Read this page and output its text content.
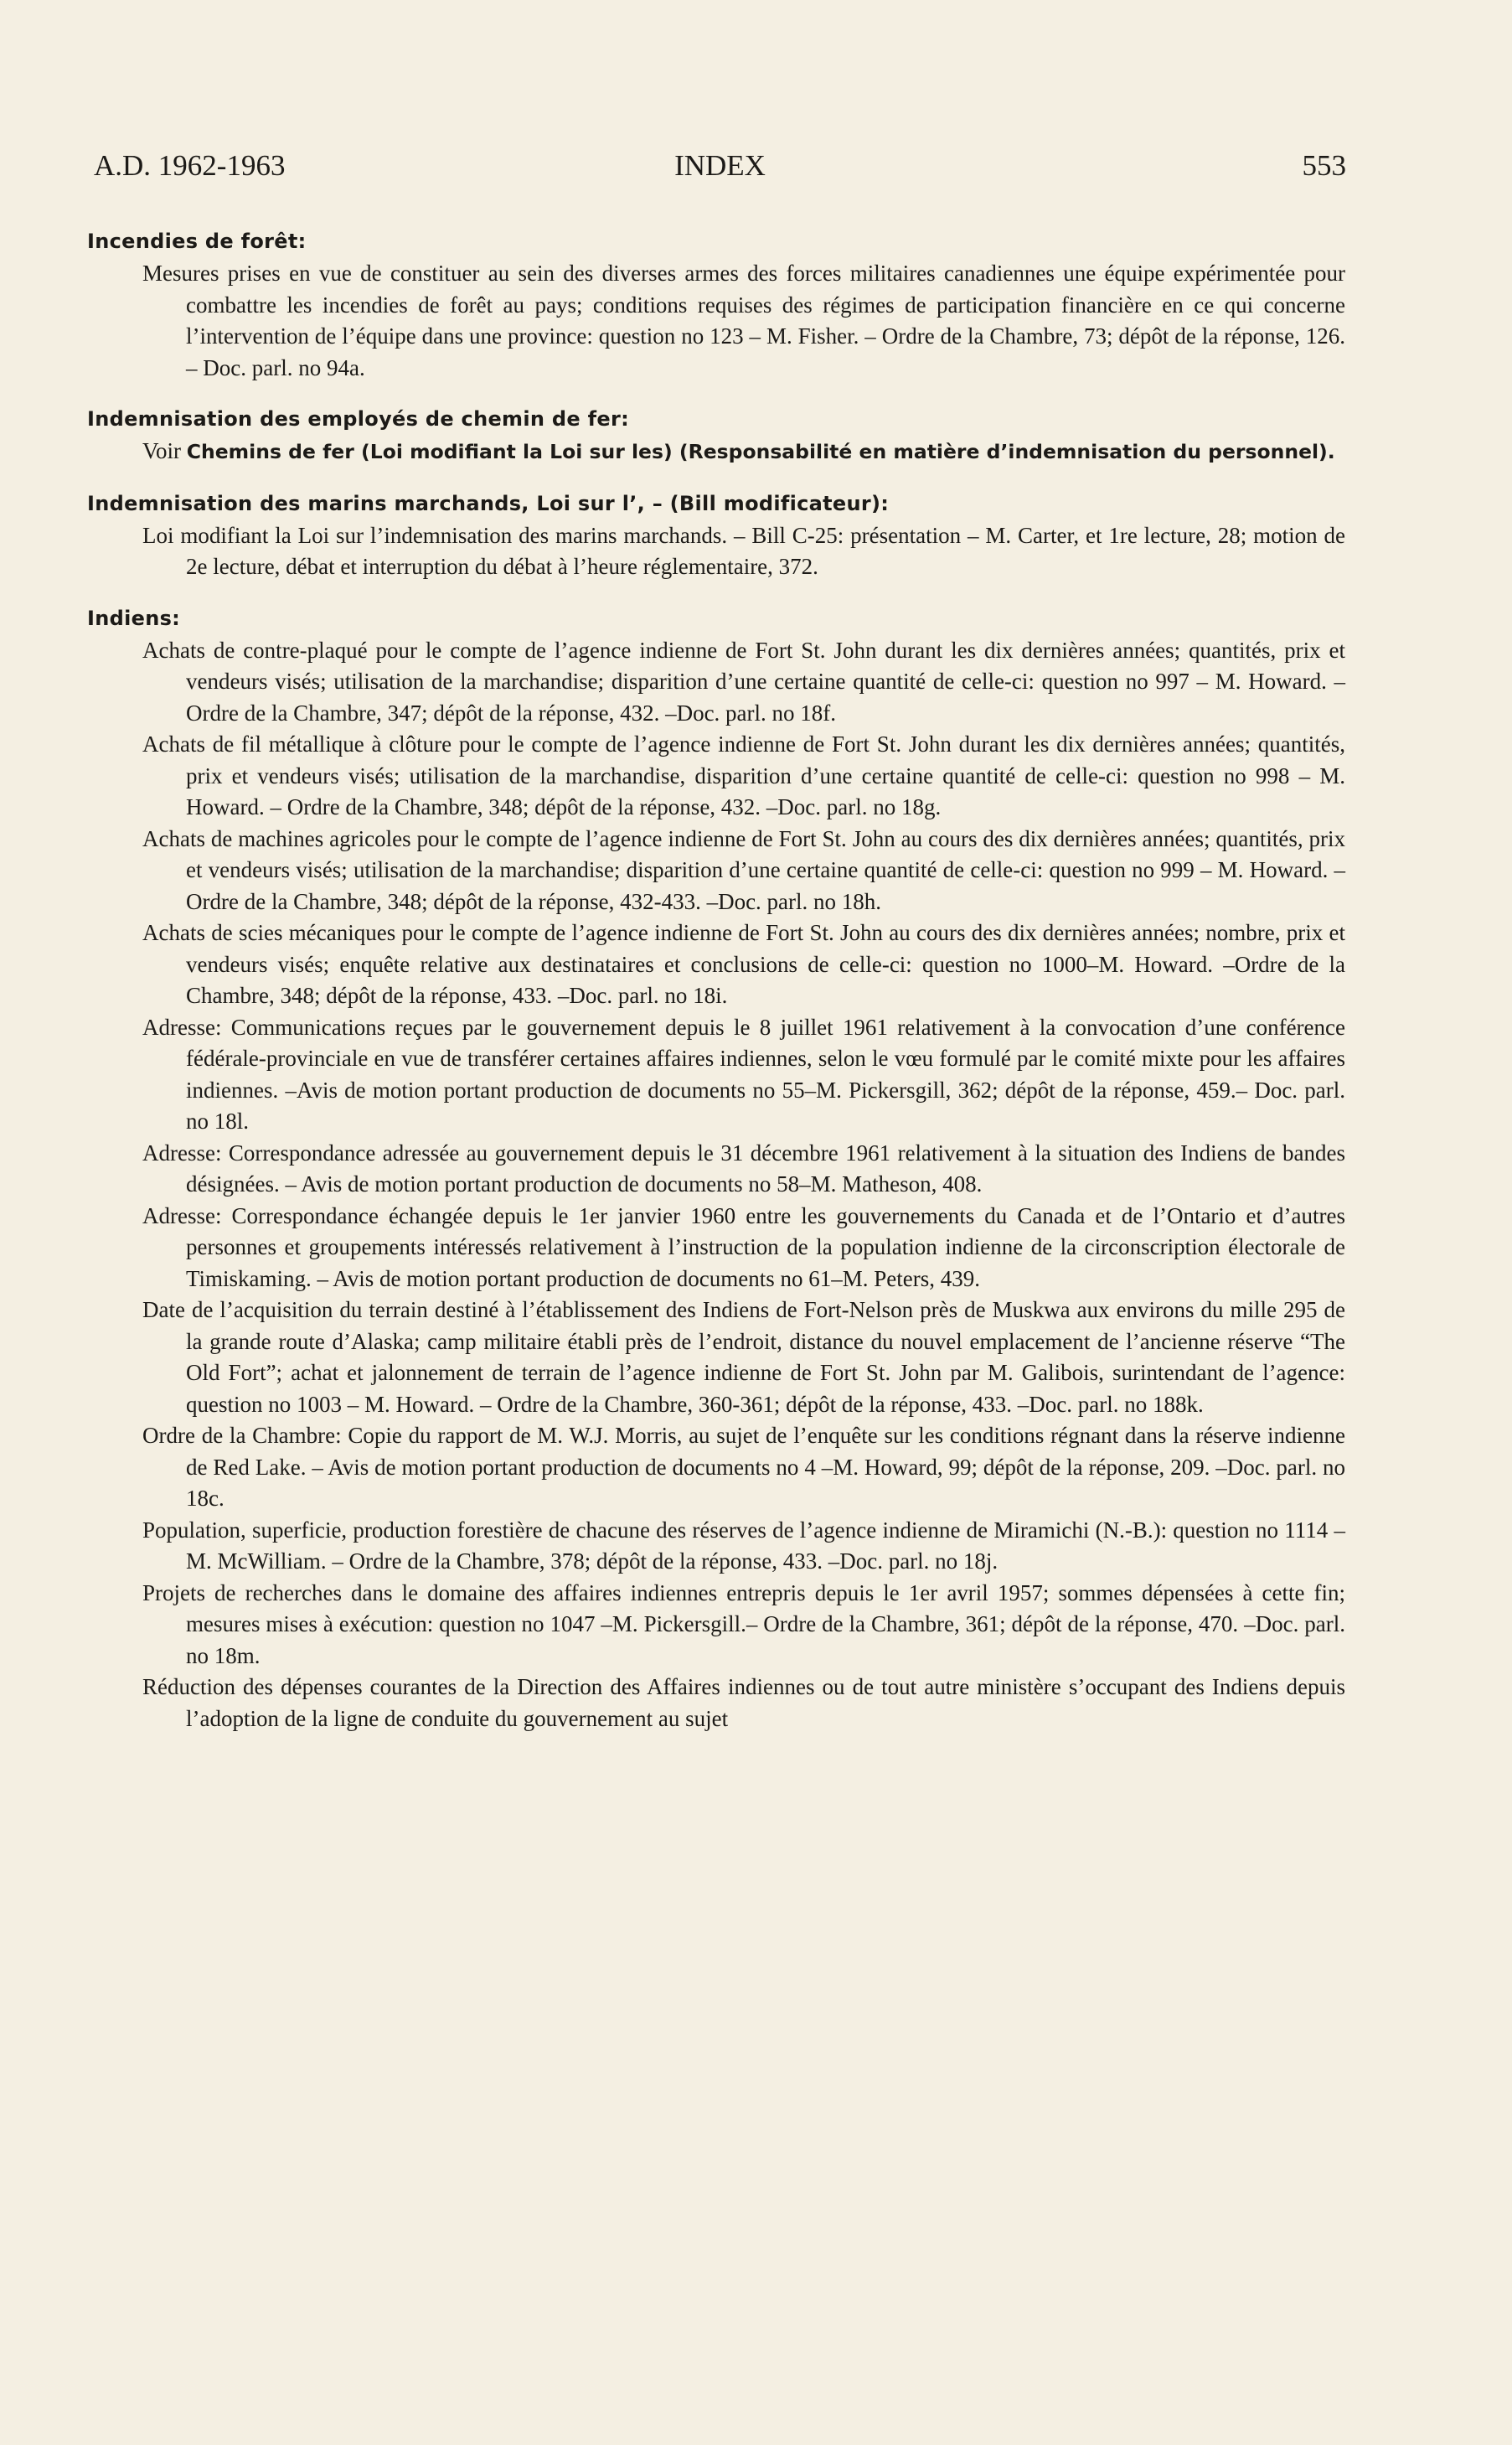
A.D. 1962-1963	INDEX	553
Incendies de forêt:
Mesures prises en vue de constituer au sein des diverses armes des forces militaires canadiennes une équipe expérimentée pour combattre les incendies de forêt au pays; conditions requises des régimes de participation financière en ce qui concerne l’intervention de l’équipe dans une province: question no 123 – M. Fisher. – Ordre de la Chambre, 73; dépôt de la réponse, 126. – Doc. parl. no 94a.
Indemnisation des employés de chemin de fer:
Voir Chemins de fer (Loi modifiant la Loi sur les) (Responsabilité en matière d’indemnisation du personnel).
Indemnisation des marins marchands, Loi sur l’, – (Bill modificateur):
Loi modifiant la Loi sur l’indemnisation des marins marchands. – Bill C-25: présentation – M. Carter, et 1re lecture, 28; motion de 2e lecture, débat et interruption du débat à l’heure réglementaire, 372.
Indiens:
Achats de contre-plaqué pour le compte de l’agence indienne de Fort St. John durant les dix dernières années; quantités, prix et vendeurs visés; utilisation de la marchandise; disparition d’une certaine quantité de celle-ci: question no 997 – M. Howard. – Ordre de la Chambre, 347; dépôt de la réponse, 432. –Doc. parl. no 18f.
Achats de fil métallique à clôture pour le compte de l’agence indienne de Fort St. John durant les dix dernières années; quantités, prix et vendeurs visés; utilisation de la marchandise, disparition d’une certaine quantité de celle-ci: question no 998 – M. Howard. – Ordre de la Chambre, 348; dépôt de la réponse, 432. –Doc. parl. no 18g.
Achats de machines agricoles pour le compte de l’agence indienne de Fort St. John au cours des dix dernières années; quantités, prix et vendeurs visés; utilisation de la marchandise; disparition d’une certaine quantité de celle-ci: question no 999 – M. Howard. – Ordre de la Chambre, 348; dépôt de la réponse, 432-433. –Doc. parl. no 18h.
Achats de scies mécaniques pour le compte de l’agence indienne de Fort St. John au cours des dix dernières années; nombre, prix et vendeurs visés; enquête relative aux destinataires et conclusions de celle-ci: question no 1000–M. Howard. –Ordre de la Chambre, 348; dépôt de la réponse, 433. –Doc. parl. no 18i.
Adresse: Communications reçues par le gouvernement depuis le 8 juillet 1961 relativement à la convocation d’une conférence fédérale-provinciale en vue de transférer certaines affaires indiennes, selon le vœu formulé par le comité mixte pour les affaires indiennes. –Avis de motion portant production de documents no 55–M. Pickersgill, 362; dépôt de la réponse, 459.– Doc. parl. no 18l.
Adresse: Correspondance adressée au gouvernement depuis le 31 décembre 1961 relativement à la situation des Indiens de bandes désignées. – Avis de motion portant production de documents no 58–M. Matheson, 408.
Adresse: Correspondance échangée depuis le 1er janvier 1960 entre les gouvernements du Canada et de l’Ontario et d’autres personnes et groupements intéressés relativement à l’instruction de la population indienne de la circonscription électorale de Timiskaming. – Avis de motion portant production de documents no 61–M. Peters, 439.
Date de l’acquisition du terrain destiné à l’établissement des Indiens de Fort-Nelson près de Muskwa aux environs du mille 295 de la grande route d’Alaska; camp militaire établi près de l’endroit, distance du nouvel emplacement de l’ancienne réserve “The Old Fort”; achat et jalonnement de terrain de l’agence indienne de Fort St. John par M. Galibois, surintendant de l’agence: question no 1003 – M. Howard. – Ordre de la Chambre, 360-361; dépôt de la réponse, 433. –Doc. parl. no 188k.
Ordre de la Chambre: Copie du rapport de M. W.J. Morris, au sujet de l’enquête sur les conditions régnant dans la réserve indienne de Red Lake. – Avis de motion portant production de documents no 4 –M. Howard, 99; dépôt de la réponse, 209. –Doc. parl. no 18c.
Population, superficie, production forestière de chacune des réserves de l’agence indienne de Miramichi (N.-B.): question no 1114 – M. McWilliam. – Ordre de la Chambre, 378; dépôt de la réponse, 433. –Doc. parl. no 18j.
Projets de recherches dans le domaine des affaires indiennes entrepris depuis le 1er avril 1957; sommes dépensées à cette fin; mesures mises à exécution: question no 1047 –M. Pickersgill.– Ordre de la Chambre, 361; dépôt de la réponse, 470. –Doc. parl. no 18m.
Réduction des dépenses courantes de la Direction des Affaires indiennes ou de tout autre ministère s’occupant des Indiens depuis l’adoption de la ligne de conduite du gouvernement au sujet
